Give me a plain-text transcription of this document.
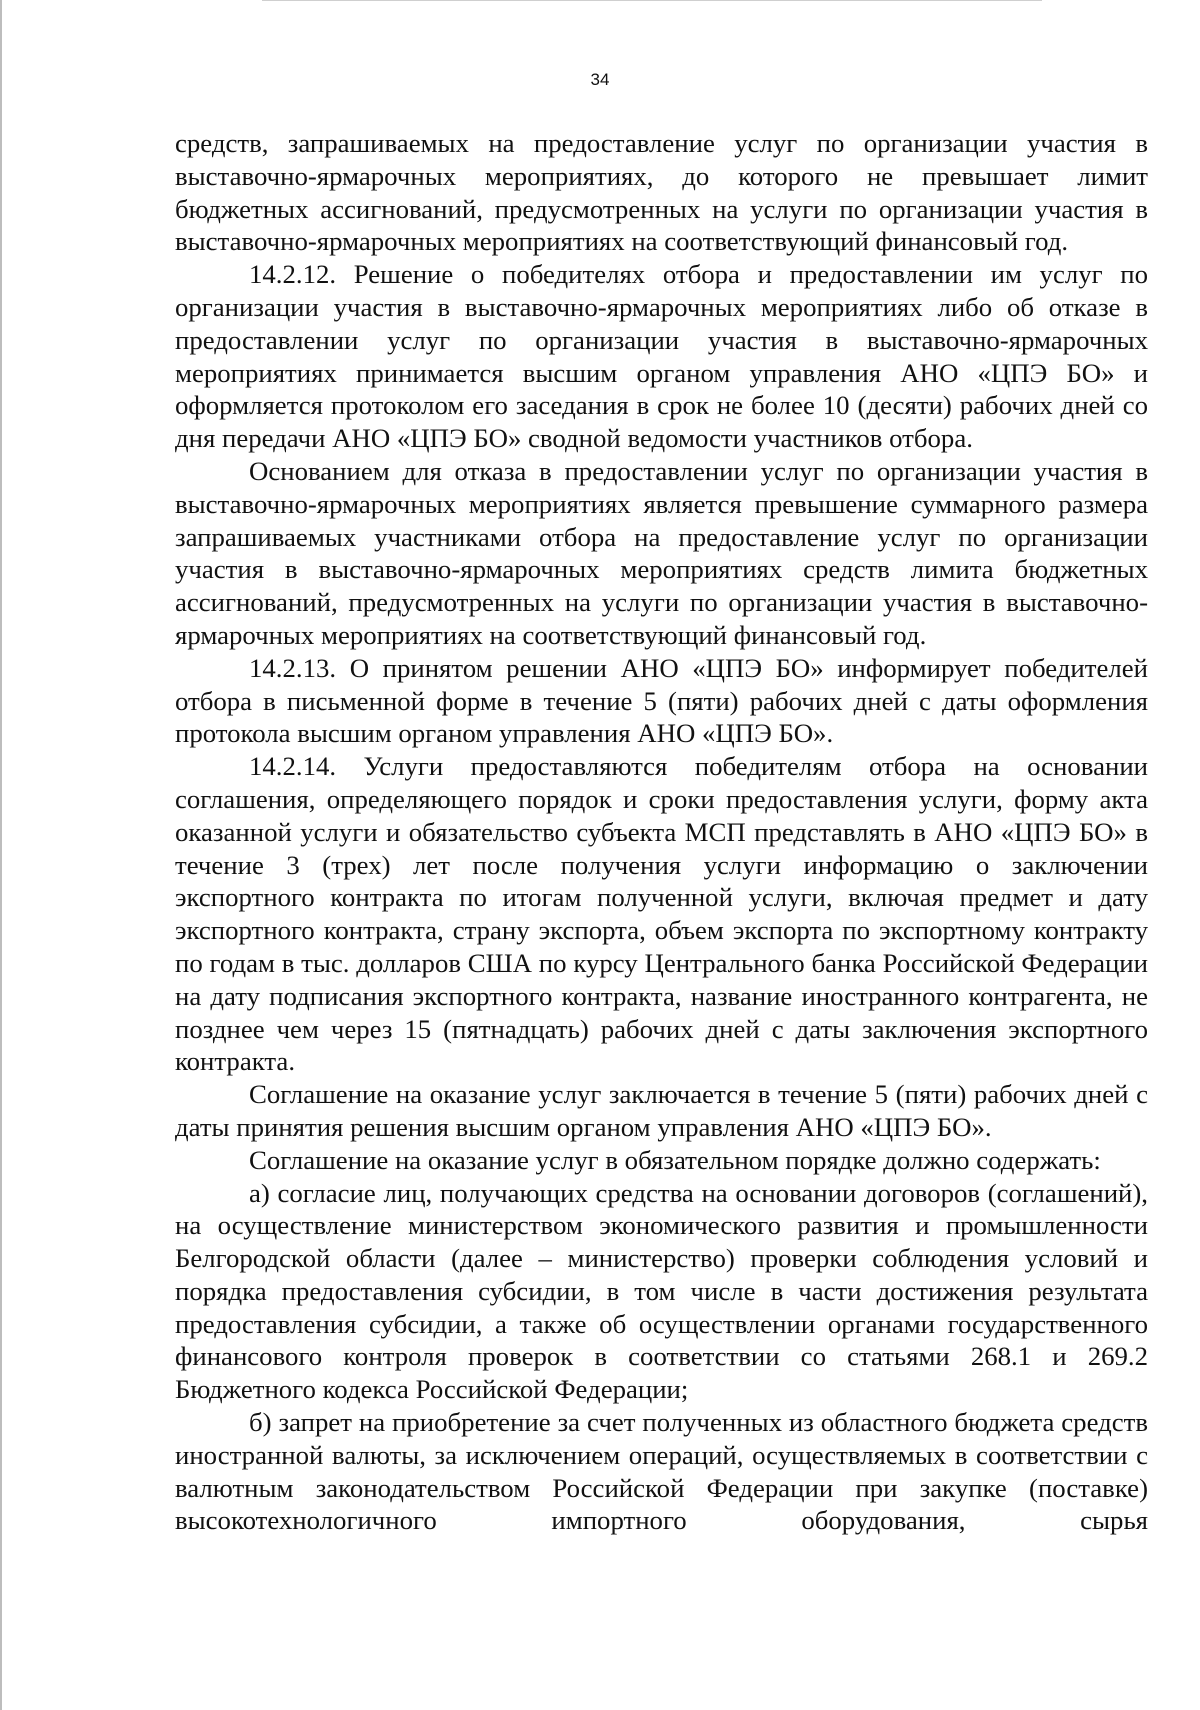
34

средств, запрашиваемых на предоставление услуг по организации участия в выставочно-ярмарочных мероприятиях, до которого не превышает лимит бюджетных ассигнований, предусмотренных на услуги по организации участия в выставочно-ярмарочных мероприятиях на соответствующий финансовый год.

14.2.12. Решение о победителях отбора и предоставлении им услуг по организации участия в выставочно-ярмарочных мероприятиях либо об отказе в предоставлении услуг по организации участия в выставочно-ярмарочных мероприятиях принимается высшим органом управления АНО «ЦПЭ БО» и оформляется протоколом его заседания в срок не более 10 (десяти) рабочих дней со дня передачи АНО «ЦПЭ БО» сводной ведомости участников отбора.

Основанием для отказа в предоставлении услуг по организации участия в выставочно-ярмарочных мероприятиях является превышение суммарного размера запрашиваемых участниками отбора на предоставление услуг по организации участия в выставочно-ярмарочных мероприятиях средств лимита бюджетных ассигнований, предусмотренных на услуги по организации участия в выставочно-ярмарочных мероприятиях на соответствующий финансовый год.

14.2.13. О принятом решении АНО «ЦПЭ БО» информирует победителей отбора в письменной форме в течение 5 (пяти) рабочих дней с даты оформления протокола высшим органом управления АНО «ЦПЭ БО».

14.2.14. Услуги предоставляются победителям отбора на основании соглашения, определяющего порядок и сроки предоставления услуги, форму акта оказанной услуги и обязательство субъекта МСП представлять в АНО «ЦПЭ БО» в течение 3 (трех) лет после получения услуги информацию о заключении экспортного контракта по итогам полученной услуги, включая предмет и дату экспортного контракта, страну экспорта, объем экспорта по экспортному контракту по годам в тыс. долларов США по курсу Центрального банка Российской Федерации на дату подписания экспортного контракта, название иностранного контрагента, не позднее чем через 15 (пятнадцать) рабочих дней с даты заключения экспортного контракта.

Соглашение на оказание услуг заключается в течение 5 (пяти) рабочих дней с даты принятия решения высшим органом управления АНО «ЦПЭ БО».

Соглашение на оказание услуг в обязательном порядке должно содержать:

а) согласие лиц, получающих средства на основании договоров (соглашений), на осуществление министерством экономического развития и промышленности Белгородской области (далее – министерство) проверки соблюдения условий и порядка предоставления субсидии, в том числе в части достижения результата предоставления субсидии, а также об осуществлении органами государственного финансового контроля проверок в соответствии со статьями 268.1 и 269.2 Бюджетного кодекса Российской Федерации;

б) запрет на приобретение за счет полученных из областного бюджета средств иностранной валюты, за исключением операций, осуществляемых в соответствии с валютным законодательством Российской Федерации при закупке (поставке) высокотехнологичного импортного оборудования, сырья
